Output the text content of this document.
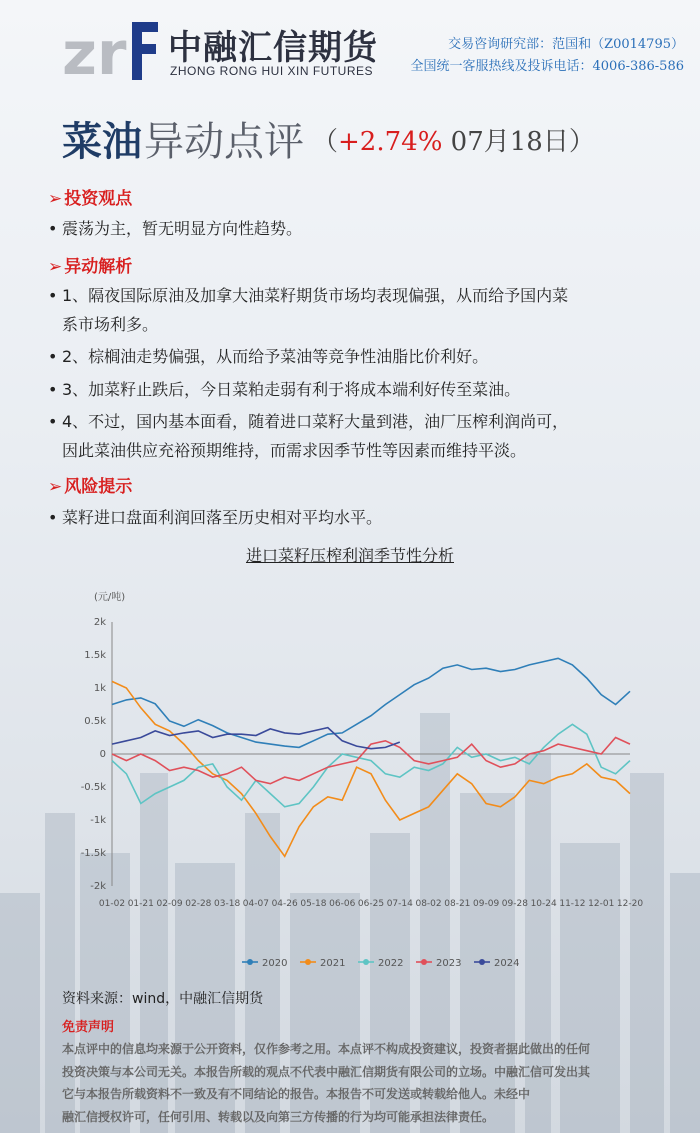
zr 中融汇信期货
ZHONG RONG HUI XIN FUTURES
交易咨询研究部：范国和（Z0014795）
全国统一客服热线及投诉电话：4006-386-586
菜油异动点评 （+2.74% 07月18日）
➢ 投资观点
• 震荡为主，暂无明显方向性趋势。
➢ 异动解析
• 1、隔夜国际原油及加拿大油菜籽期货市场均表现偏强，从而给予国内菜
系市场利多。
• 2、棕榈油走势偏强，从而给予菜油等竞争性油脂比价利好。
• 3、加菜籽止跌后，今日菜粕走弱有利于将成本端利好传至菜油。
• 4、不过，国内基本面看，随着进口菜籽大量到港，油厂压榨利润尚可，
因此菜油供应充裕预期维持，而需求因季节性等因素而维持平淡。
➢ 风险提示
• 菜籽进口盘面利润回落至历史相对平均水平。
进口菜籽压榨利润季节性分析
(元/吨)
2k
1.5k
1k
0.5k
0
-0.5k
-1k
-1.5k
-2k
01-02 01-21 02-09 02-28 03-18 04-07 04-26 05-18 06-06 06-25 07-14 08-02 08-21 09-09 09-28 10-24 11-12 12-01 12-20
2020	2021	2022	2023	2024
资料来源：wind，中融汇信期货
免责声明
本点评中的信息均来源于公开资料，仅作参考之用。本点评不构成投资建议，投资者据此做出的任何
投资决策与本公司无关。本报告所载的观点不代表中融汇信期货有限公司的立场。中融汇信可发出其
它与本报告所载资料不一致及有不同结论的报告。本报告不可发送或转载给他人。未经中
融汇信授权许可，任何引用、转载以及向第三方传播的行为均可能承担法律责任。
